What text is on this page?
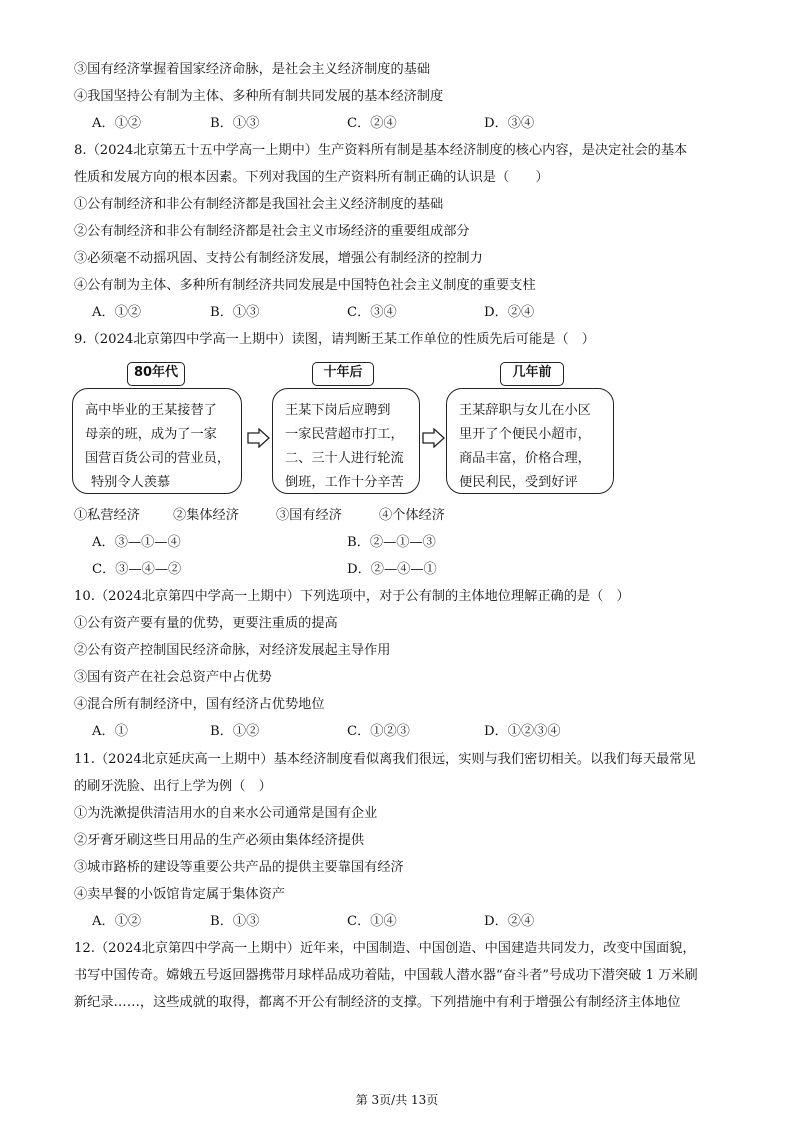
③国有经济掌握着国家经济命脉，是社会主义经济制度的基础
④我国坚持公有制为主体、多种所有制共同发展的基本经济制度
A．①②	B．①③	C．②④	D．③④
8.（2024北京第五十五中学高一上期中）生产资料所有制是基本经济制度的核心内容，是决定社会的基本
性质和发展方向的根本因素。下列对我国的生产资料所有制正确的认识是（　　）
①公有制经济和非公有制经济都是我国社会主义经济制度的基础
②公有制经济和非公有制经济都是社会主义市场经济的重要组成部分
③必须毫不动摇巩固、支持公有制经济发展，增强公有制经济的控制力
④公有制为主体、多种所有制经济共同发展是中国特色社会主义制度的重要支柱
A．①②	B．①③	C．③④	D．②④
9.（2024北京第四中学高一上期中）读图，请判断王某工作单位的性质先后可能是（　）
高中毕业的王某接替了
母亲的班，成为了一家
国营百货公司的营业员，
特别令人羡慕
80年代
王某下岗后应聘到
一家民营超市打工，
二、三十人进行轮流
倒班，工作十分辛苦
十年后
王某辞职与女儿在小区
里开了个便民小超市，
商品丰富，价格合理，
便民利民，受到好评
几年前
①私营经济	②集体经济	③国有经济	④个体经济
A．③—①—④	B．②—①—③
C．③—④—②	D．②—④—①
10.（2024北京第四中学高一上期中）下列选项中，对于公有制的主体地位理解正确的是（　）
①公有资产要有量的优势，更要注重质的提高
②公有资产控制国民经济命脉，对经济发展起主导作用
③国有资产在社会总资产中占优势
④混合所有制经济中，国有经济占优势地位
A．①	B．①②	C．①②③	D．①②③④
11.（2024北京延庆高一上期中）基本经济制度看似离我们很远，实则与我们密切相关。以我们每天最常见
的刷牙洗脸、出行上学为例（　）
①为洗漱提供清洁用水的自来水公司通常是国有企业
②牙膏牙刷这些日用品的生产必须由集体经济提供
③城市路桥的建设等重要公共产品的提供主要靠国有经济
④卖早餐的小饭馆肯定属于集体资产
A．①②	B．①③	C．①④	D．②④
12.（2024北京第四中学高一上期中）近年来，中国制造、中国创造、中国建造共同发力，改变中国面貌，
书写中国传奇。嫦娥五号返回器携带月球样品成功着陆，中国载人潜水器“奋斗者”号成功下潜突破 1 万米刷
新纪录……，这些成就的取得，都离不开公有制经济的支撑。下列措施中有利于增强公有制经济主体地位
第 3页/共 13页
